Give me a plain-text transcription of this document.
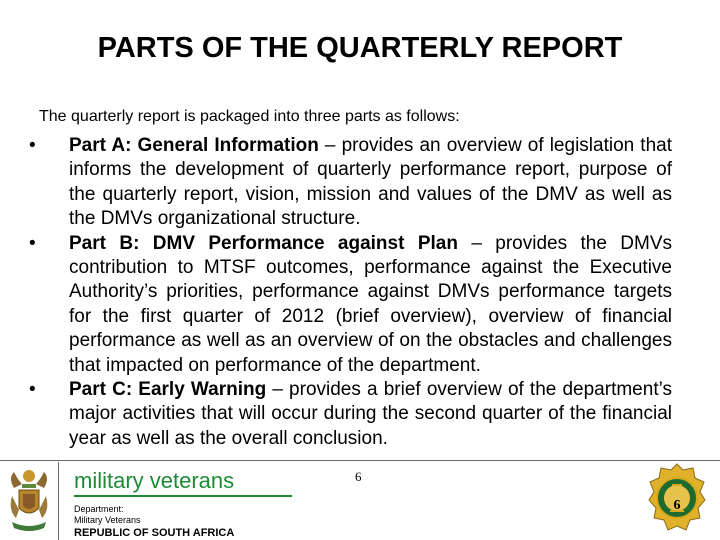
PARTS OF THE QUARTERLY REPORT

The quarterly report is packaged into three parts as follows:

•	Part A: General Information – provides an overview of legislation that informs the development of quarterly performance report, purpose of the quarterly report, vision, mission and values of the DMV as well as the DMVs organizational structure.
•	Part B: DMV Performance against Plan – provides the DMVs contribution to MTSF outcomes, performance against the Executive Authority’s priorities, performance against DMVs performance targets for the first quarter of 2012 (brief overview), overview of financial performance as well as an overview of on the obstacles and challenges that impacted on performance of the department.
•	Part C: Early Warning – provides a brief overview of the department’s major activities that will occur during the second quarter of the financial year as well as the overall conclusion.
military veterans
Department:
Military Veterans
REPUBLIC OF SOUTH AFRICA
6
6
